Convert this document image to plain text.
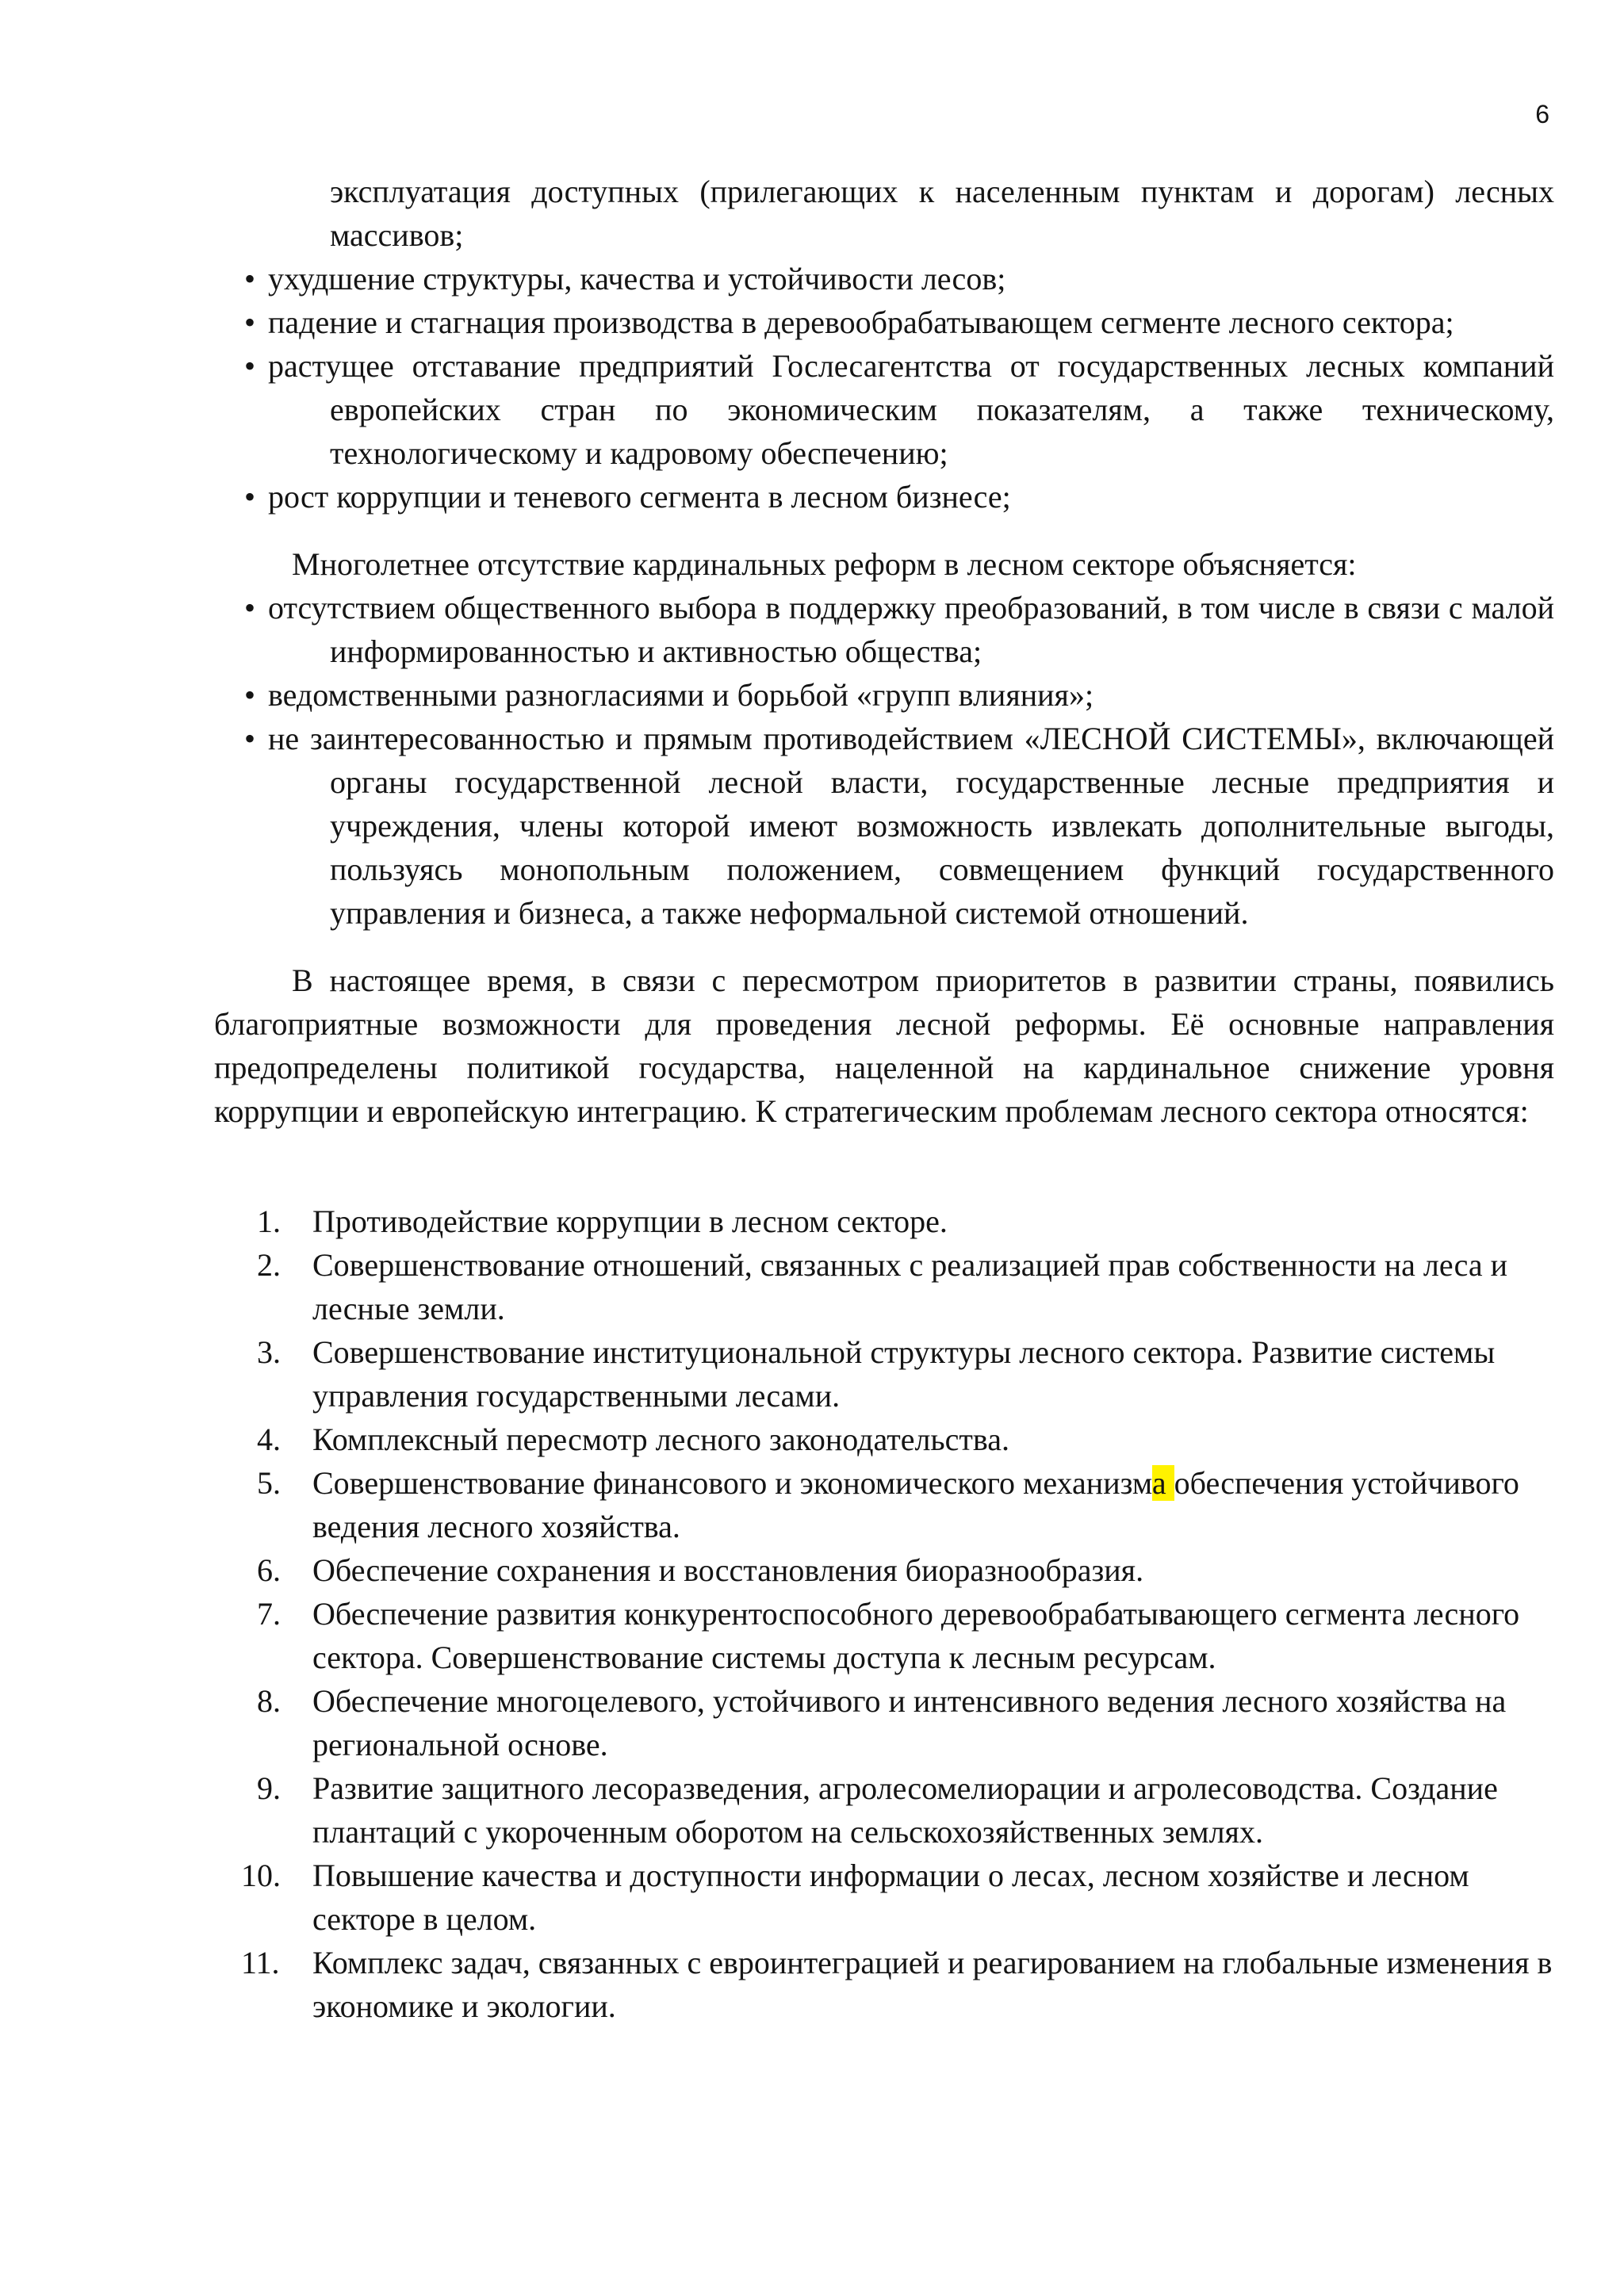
6
эксплуатация доступных (прилегающих к населенным пунктам и дорогам) лесных массивов;
• ухудшение структуры, качества и устойчивости лесов;
• падение и стагнация производства в деревообрабатывающем сегменте лесного сектора;
• растущее отставание предприятий Гослесагентства от государственных лесных компаний европейских стран по экономическим показателям, а также техническому, технологическому и кадровому обеспечению;
• рост коррупции и теневого сегмента в лесном бизнесе;
Многолетнее отсутствие кардинальных реформ в лесном секторе объясняется:
• отсутствием общественного выбора в поддержку преобразований, в том числе в связи с малой информированностью и активностью общества;
• ведомственными разногласиями и борьбой «групп влияния»;
• не заинтересованностью и прямым противодействием «ЛЕСНОЙ СИСТЕМЫ», включающей органы государственной лесной власти, государственные лесные предприятия и учреждения, члены которой имеют возможность извлекать дополнительные выгоды, пользуясь монопольным положением, совмещением функций государственного управления и бизнеса, а также неформальной системой отношений.

В настоящее время, в связи с пересмотром приоритетов в развитии страны, появились благоприятные возможности для проведения лесной реформы. Её основные направления предопределены политикой государства, нацеленной на кардинальное снижение уровня коррупции и европейскую интеграцию. К стратегическим проблемам лесного сектора относятся:

1.	Противодействие коррупции в лесном секторе.
2.	Совершенствование отношений, связанных с реализацией прав собственности на леса и лесные земли.
3.	Совершенствование институциональной структуры лесного сектора. Развитие системы управления государственными лесами.
4.	Комплексный пересмотр лесного законодательства.
5.	Совершенствование финансового и экономического механизма обеспечения устойчивого ведения лесного хозяйства.
6.	Обеспечение сохранения и восстановления биоразнообразия.
7.	Обеспечение развития конкурентоспособного деревообрабатывающего сегмента лесного сектора. Совершенствование системы доступа к лесным ресурсам.
8.	Обеспечение многоцелевого, устойчивого и интенсивного ведения лесного хозяйства на региональной основе.
9.	Развитие защитного лесоразведения, агролесомелиорации и агролесоводства. Создание плантаций с укороченным оборотом на сельскохозяйственных землях.
10.	Повышение качества и доступности информации о лесах, лесном хозяйстве и лесном секторе в целом.
11.	Комплекс задач, связанных с евроинтеграцией и реагированием на глобальные изменения в экономике и экологии.
